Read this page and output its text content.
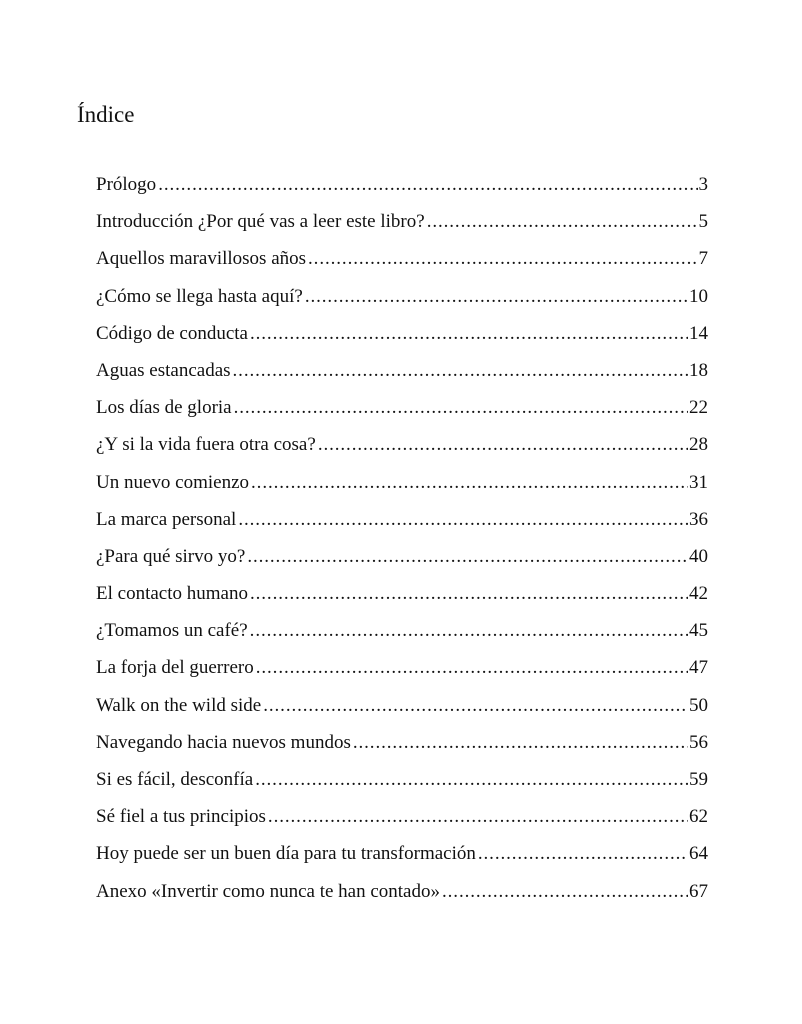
Índice
Prólogo .....	3
Introducción ¿Por qué vas a leer este libro? .....	5
Aquellos maravillosos años .....	7
¿Cómo se llega hasta aquí? .....	10
Código de conducta .....	14
Aguas estancadas .....	18
Los días de gloria .....	22
¿Y si la vida fuera otra cosa? .....	28
Un nuevo comienzo .....	31
La marca personal .....	36
¿Para qué sirvo yo? .....	40
El contacto humano .....	42
¿Tomamos un café? .....	45
La forja del guerrero .....	47
Walk on the wild side .....	50
Navegando hacia nuevos mundos .....	56
Si es fácil, desconfía .....	59
Sé fiel a tus principios .....	62
Hoy puede ser un buen día para tu transformación .....	64
Anexo «Invertir como nunca te han contado» .....	67
